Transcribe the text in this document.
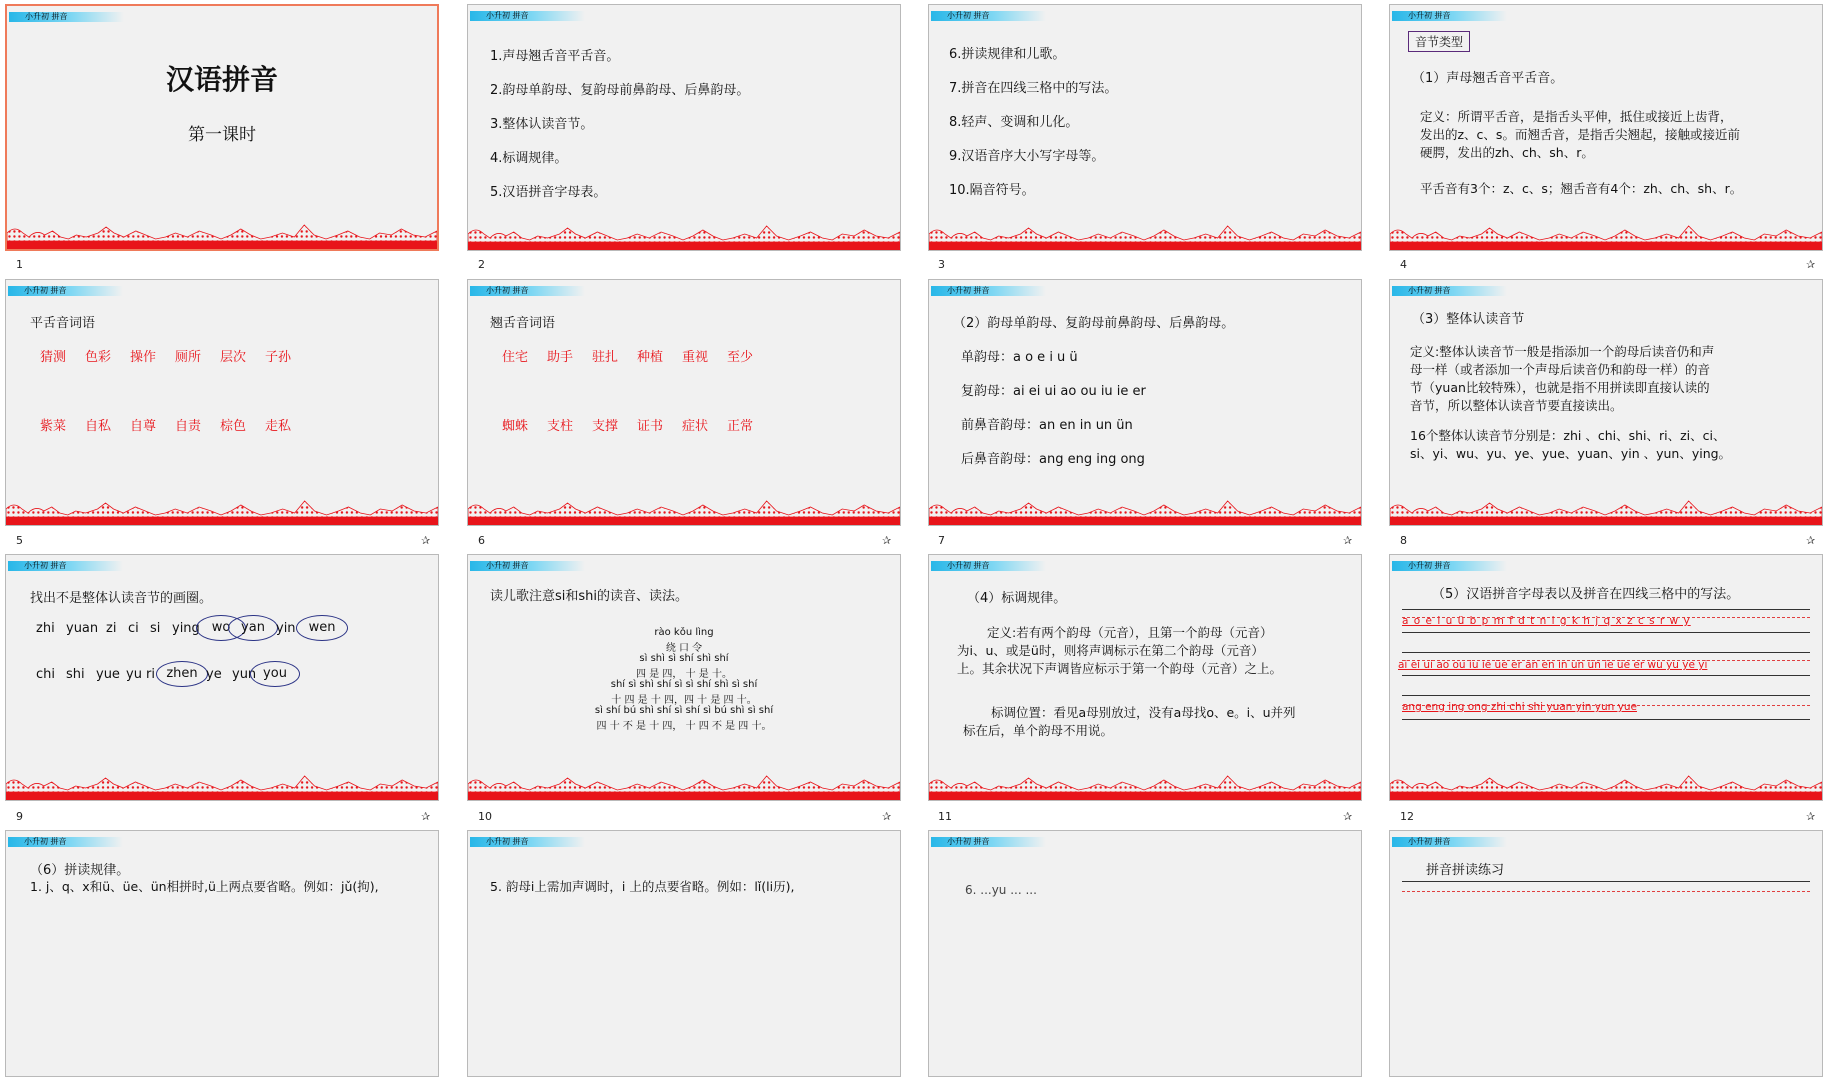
小升初 拼音
汉语拼音
第一课时
1
小升初 拼音
1.声母翘舌音平舌音。
2.韵母单韵母、复韵母前鼻韵母、后鼻韵母。
3.整体认读音节。
4.标调规律。
5.汉语拼音字母表。
2
小升初 拼音
6.拼读规律和儿歌。
7.拼音在四线三格中的写法。
8.轻声、变调和儿化。
9.汉语音序大小写字母等。
10.隔音符号。
3
小升初 拼音
音节类型
（1）声母翘舌音平舌音。
定义：所谓平舌音，是指舌头平伸，抵住或接近上齿背，
发出的z、c、s。而翘舌音，是指舌尖翘起，接触或接近前
硬腭，发出的zh、ch、sh、r。
平舌音有3个：z、c、s；翘舌音有4个：zh、ch、sh、r。
4	✰
小升初 拼音
平舌音词语
猜测 色彩 操作 厕所 层次 子孙
紫菜 自私 自尊 自责 棕色 走私
5	✰
小升初 拼音
翘舌音词语
住宅 助手 驻扎 种植 重视 至少
蜘蛛 支柱 支撑 证书 症状 正常
6	✰
小升初 拼音
（2）韵母单韵母、复韵母前鼻韵母、后鼻韵母。
单韵母：a o e i u ü
复韵母：ai ei ui ao ou iu ie er
前鼻音韵母：an en in un ün
后鼻音韵母：ang eng ing ong
7	✰
小升初 拼音
（3）整体认读音节
定义:整体认读音节一般是指添加一个韵母后读音仍和声
母一样（或者添加一个声母后读音仍和韵母一样）的音
节（yuan比较特殊），也就是指不用拼读即直接认读的
音节，所以整体认读音节要直接读出。
16个整体认读音节分别是：zhi 、chi、shi、ri、zi、ci、
si、yi、wu、yu、ye、yue、yuan、yin 、yun、ying。
8	✰
小升初 拼音
找出不是整体认读音节的画圈。
zhi yuan zi ci si ying wo yan yin	wen
chi shi yue yu ri zhen ye yun you
9	✰
小升初 拼音
读儿歌注意si和shi的读音、读法。
rào kǒu lìng
绕 口 令
sì shì sì shí shì shí
四 是 四， 十 是 十。
shí sì shì shí sì sì shí shì sì shí
十 四 是 十 四，四 十 是 四 十。
sì shí bú shì shí sì shí sì bú shì sì shí
四 十 不 是 十 四， 十 四 不 是 四 十。
10	✰
小升初 拼音
（4）标调规律。
定义:若有两个韵母（元音），且第一个韵母（元音）
为i、u、或是ü时，则将声调标示在第二个韵母（元音）
上。其余状况下声调皆应标示于第一个韵母（元音）之上。
标调位置：看见a母别放过，没有a母找o、e。i、u并列
标在后，单个韵母不用说。
11	✰
小升初 拼音
（5）汉语拼音字母表以及拼音在四线三格中的写法。
a o e i u ü b p m f d t n l g k h j q x z c s r w y
ai ei ui ao ou iu ie üe er an en in un ün ie üe er wu yu ye yi
ang eng ing ong zhi chi shi yuan yin yun yue
12	✰
小升初 拼音
（6）拼读规律。
1. j、q、x和ü、üe、ün相拼时,ü上两点要省略。例如：jǔ(拘),
小升初 拼音
5. 韵母i上需加声调时，i 上的点要省略。例如：lǐ(li历),
小升初 拼音
6. ...yu ... ...
小升初 拼音
拼音拼读练习
